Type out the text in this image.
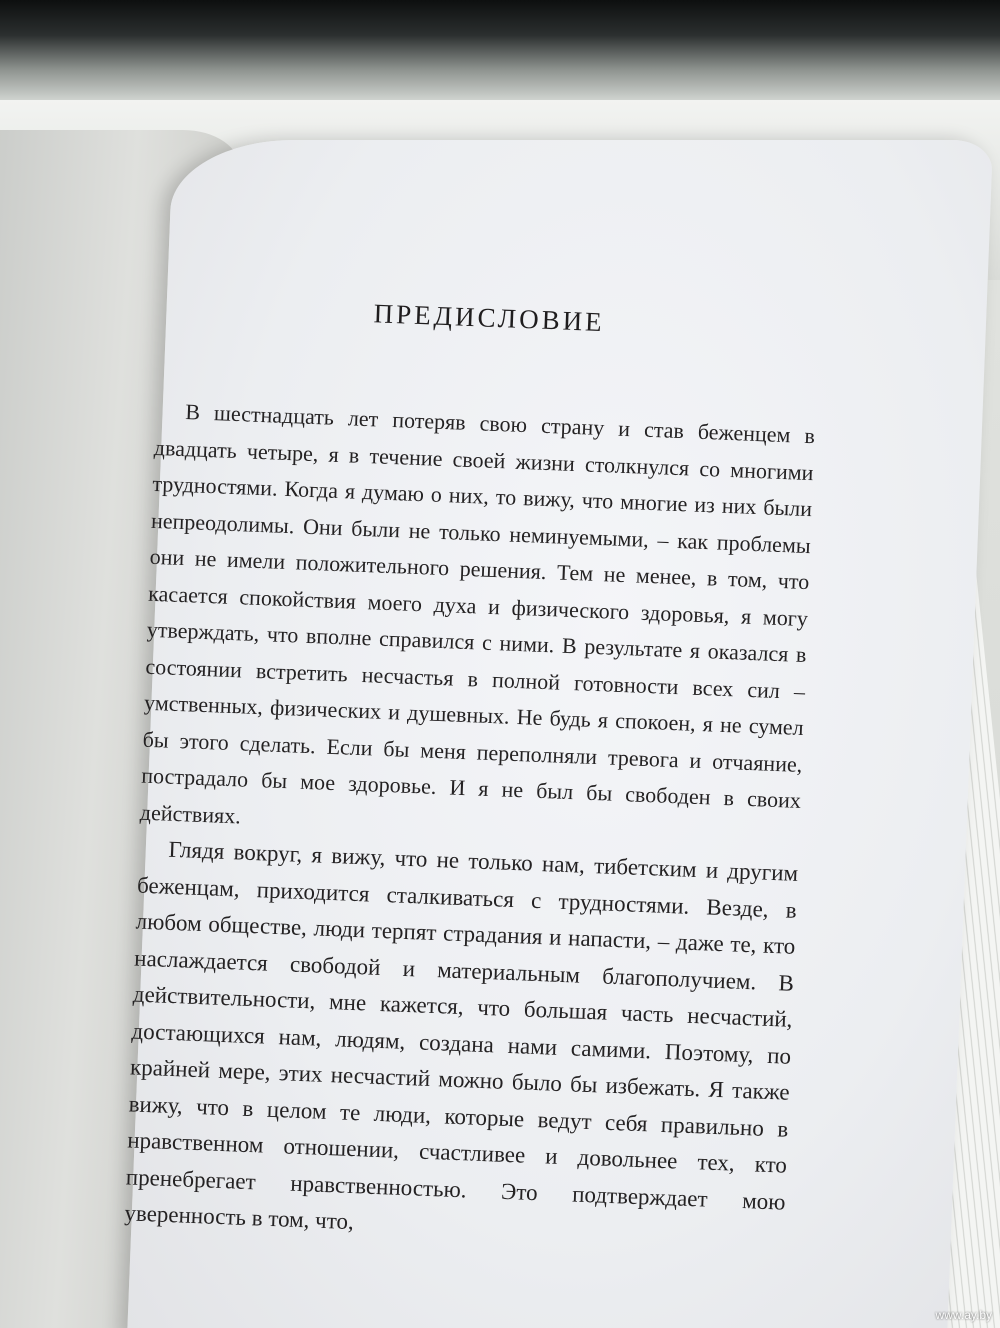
ПРЕДИСЛОВИЕ

В шестнадцать лет потеряв свою страну и став беженцем в двадцать четыре, я в течение своей жизни столкнулся со многими трудностями. Когда я думаю о них, то вижу, что многие из них были непреодолимы. Они были не только неминуемыми, – как проблемы они не имели положительного решения. Тем не менее, в том, что касается спокойствия моего духа и физического здоровья, я могу утверждать, что вполне справился с ними. В результате я оказался в состоянии встретить несчастья в полной готовности всех сил – умственных, физических и душевных. Не будь я спокоен, я не сумел бы этого сделать. Если бы меня переполняли тревога и отчаяние, пострадало бы мое здоровье. И я не был бы свободен в своих действиях.

Глядя вокруг, я вижу, что не только нам, тибетским и другим беженцам, приходится сталкиваться с трудностями. Везде, в любом обществе, люди терпят страдания и напасти, – даже те, кто наслаждается свободой и материальным благополучием. В действительности, мне кажется, что большая часть несчастий, достающихся нам, людям, создана нами самими. Поэтому, по крайней мере, этих несчастий можно было бы избежать. Я также вижу, что в целом те люди, которые ведут себя правильно в нравственном отношении, счастливее и довольнее тех, кто пренебрегает нравственностью. Это подтверждает мою уверенность в том, что,

www.ay.by
